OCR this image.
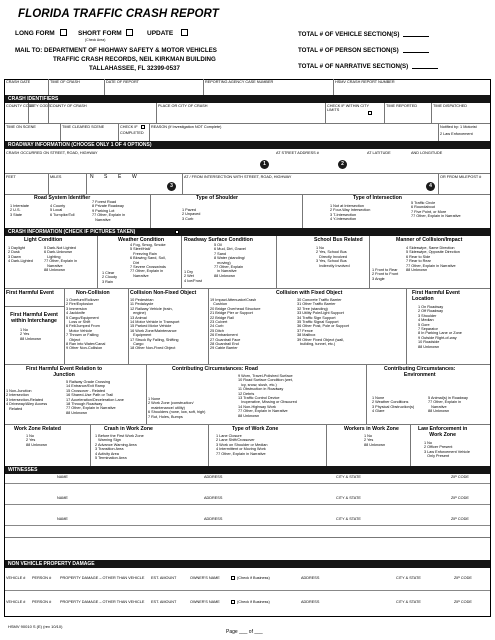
FLORIDA TRAFFIC CRASH REPORT
LONG FORM	SHORT FORM
(Check Area)
UPDATE
MAIL TO: DEPARTMENT OF HIGHWAY SAFETY & MOTOR VEHICLES
TRAFFIC CRASH RECORDS, NEIL KIRKMAN BUILDING
TALLAHASSEE, FL 32399-0537
TOTAL # OF VEHICLE SECTION(S)
TOTAL # OF PERSON SECTION(S)
TOTAL # OF NARRATIVE SECTION(S)
CRASH DATE	TIME OF CRASH	DATE OF REPORT	REPORTING AGENCY CASE NUMBER	HSMV CRASH REPORT NUMBER
CRASH IDENTIFIERS
COUNTY CODE
CITY CODE COUNTY OF CRASH	PLACE OR CITY OF CRASH	CHECK IF WITHIN CITY LIMITS
TIME REPORTED	TIME DISPATCHED
TIME ON SCENE	TIME CLEARED SCENE	CHECK IF
COMPLETED
REASON (If Investigation NOT Complete)	Notified by: 1 Motorist
2 Law Enforcement
ROADWAY INFORMATION (CHOOSE ONLY 1 OF 4 OPTIONS)
CRASH OCCURRED ON STREET, ROAD, HIGHWAY
1
AT STREET ADDRESS #
2
AT LATITUDE	AND LONGITUDE
FEET	MILES	N S E W
3
AT / FROM INTERSECTION WITH STREET, ROAD, HIGHWAY
4
OR FROM MILEPOST #
Road System Identifier
1 Interstate
2 U.S.
3 State
4 County
5 Local
6 Turnpike/Toll
7 Forest Road
8 Private Roadway
9 Parking Lot
77 Other, Explain in
Narrative
Type of Shoulder
1 Paved
2 Unpaved
3 Curb
Type of Intersection
1 Not at Intersection
2 Four-Way Intersection
3 T-Intersection
4 Y-Intersection
5 Traffic Circle
6 Roundabout
7 Five Point, or More
77 Other, Explain in Narrative
CRASH INFORMATION (CHECK IF PICTURES TAKEN)
Light Condition
1 Daylight
2 Dusk
3 Dawn
4 Dark-Lighted
5 Dark-Not Lighted
6 Dark-Unknown
Lighting
77 Other, Explain in
Narrative
88 Unknown
Weather Condition
1 Clear
2 Cloudy
3 Rain
4 Fog, Smog, Smoke
5 Sleet/Hail/
Freezing Rain
6 Blowing Sand, Soil,
Dirt
7 Severe Crosswinds
77 Other, Explain in
Narrative
Roadway Surface Condition
1 Dry
2 Wet
4 Ice/Frost
5 Oil
6 Mud, Dirt, Gravel
7 Sand
8 Water (standing/
moving)
77 Other, Explain
in Narrative
88 Unknown
School Bus Related
1 No
2 Yes, School Bus
Directly Involved
3 Yes, School Bus
Indirectly Involved
Manner of Collision/Impact
1 Front to Rear
2 Front to Front
3 Angle
4 Sideswipe, Same Direction
5 Sideswipe, Opposite Direction
6 Rear to Side
7 Rear to Rear
77 Other, Explain in Narrative
88 Unknown
First Harmful Event
First Harmful Event
within Interchange
1 No
2 Yes
88 Unknown
Non-Collision
1 Overturn/Rollover
2 Fire/Explosion
3 Immersion
4 Jackknife
5 Cargo/Equipment
Loss or Shift
6 Fell/Jumped From
Motor Vehicle
7 Thrown or Falling
Object
8 Ran into Water/Canal
9 Other Non-Collision
Collision Non-Fixed Object
10 Pedestrian
11 Pedalcycle
12 Railway Vehicle (train,
engine)
13 Animal
14 Motor Vehicle in Transport
15 Parked Motor Vehicle
16 Work Zone/Maintenance
Equipment
17 Struck By Falling, Shifting
Cargo
18 Other Non-Fixed Object
Collision with Fixed Object
19 Impact Attenuator/Crash
Cushion
20 Bridge Overhead Structure
21 Bridge Pier or Support
22 Bridge Rail
23 Culvert
24 Curb
25 Ditch
26 Embankment
27 Guardrail Face
28 Guardrail End
29 Cable Barrier
30 Concrete Traffic Barrier
31 Other Traffic Barrier
32 Tree (standing)
33 Utility Pole/Light Support
34 Traffic Sign Support
35 Traffic Signal Support
36 Other Post, Pole or Support
37 Fence
38 Mailbox
39 Other Fixed Object (wall,
building, tunnel, etc.)
First Harmful Event
Location
1 On Roadway
2 Off Roadway
3 Shoulder
4 Median
5 Gore
7 Separator
8 In Parking Lane or Zone
9 Outside Right-of-way
10 Roadside
88 Unknown
First Harmful Event Relation to
Junction
1 Non-Junction
2 Intersection
3 Intersection-Related
4 Driveway/Alley Access
Related
5 Railway Grade Crossing
14 Entrance/Exit Ramp
15 Crossover - Related
16 Shared-Use Path or Trail
17 Acceleration/Deceleration Lane
18 Through Roadway
77 Other, Explain in Narrative
88 Unknown
Contributing Circumstances: Road
1 None
2 Work Zone (construction/
maintenance/ utility)
6 Shoulders (none, low, soft, high)
7 Rut, Holes, Bumps
9 Worn, Travel-Polished Surface
10 Road Surface Condition (wet,
icy, snow, slush, etc.)
11 Obstruction in Roadway
12 Debris
13 Traffic Control Device
Inoperative, Missing or Obscured
14 Non-Highway Work
77 Other, Explain in Narrative
88 Unknown
Contributing Circumstances:
Environment
1 None
2 Weather Conditions
3 Physical Obstruction(s)
4 Glare
5 Animal(s) in Roadway
77 Other, Explain in
Narrative
88 Unknown
Work Zone Related
1 No
2 Yes
88 Unknown
Crash in Work Zone
1 Before the First Work Zone
Warning Sign
2 Advance Warning Area
3 Transition Area
4 Activity Area
5 Termination Area
Type of Work Zone
1 Lane Closure
2 Lane Shift/Crossover
3 Work on Shoulder or Median
4 Intermittent or Moving Work
77 Other, Explain in Narrative
Workers in Work Zone
1 No
2 Yes
88 Unknown
Law Enforcement in
Work Zone
1 No
2 Officer Present
3 Law Enforcement Vehicle
Only Present
WITNESSES
NAME	ADDRESS	CITY & STATE	ZIP CODE
NAME	ADDRESS	CITY & STATE	ZIP CODE
NAME	ADDRESS	CITY & STATE	ZIP CODE
NON VEHICLE PROPERTY DAMAGE
VEHICLE # PERSON # PROPERTY DAMAGE – OTHER THAN VEHICLE EST. AMOUNT	OWNER'S NAME	(Check if Business)	ADDRESS	CITY & STATE	ZIP CODE
VEHICLE # PERSON # PROPERTY DAMAGE – OTHER THAN VEHICLE EST. AMOUNT	OWNER'S NAME	(Check if Business)	ADDRESS	CITY & STATE	ZIP CODE
HSMV 90010 S (E) (rev 10/10)
Page ___ of ___
